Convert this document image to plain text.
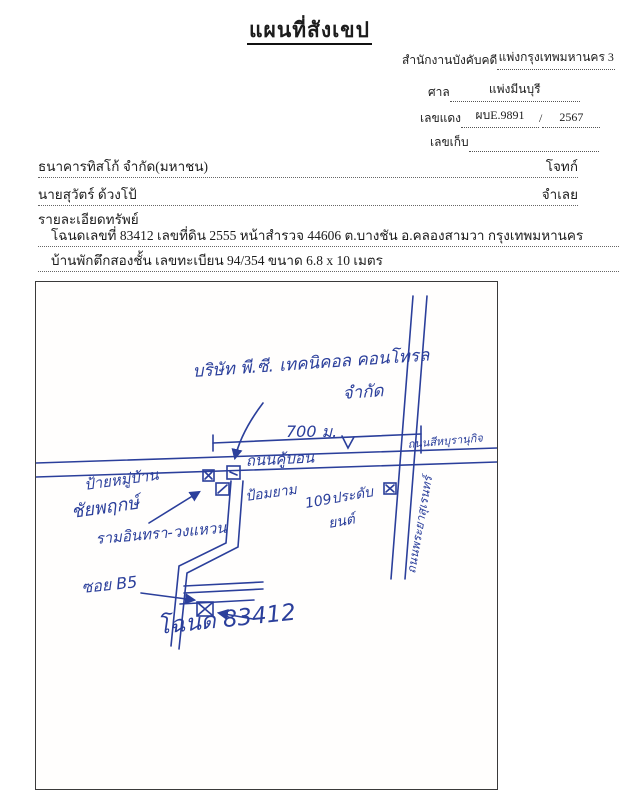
แผนที่สังเขป
สำนักงานบังคับคดีแพ่งกรุงเทพมหานคร 3
ศาล	แพ่งมีนบุรี
เลขแดง ผบE.9891 / 2567
เลขเก็บ
ธนาคารทิสโก้ จำกัด(มหาชน)	โจทก์
นายสุวัตร์ ด้วงโป้	จำเลย
รายละเอียดทรัพย์
โฉนดเลขที่ 83412 เลขที่ดิน 2555 หน้าสำรวจ 44606 ต.บางชัน อ.คลองสามวา กรุงเทพมหานคร
บ้านพักตึกสองชั้น เลขทะเบียน 94/354 ขนาด 6.8 x 10 เมตร
บริษัท พี.ซี. เทคนิคอล คอนโทรล
จำกัด
700 ม.
ถนนคู้บอน
ถนนสีหบุรานุกิจ
ถนนพระยาสุเรนทร์
ป้ายหมู่บ้าน
ชัยพฤกษ์
รามอินทรา-วงแหวน
ป้อมยาม 109ประดับ
ยนต์
ซอย B5
โฉนด 83412
